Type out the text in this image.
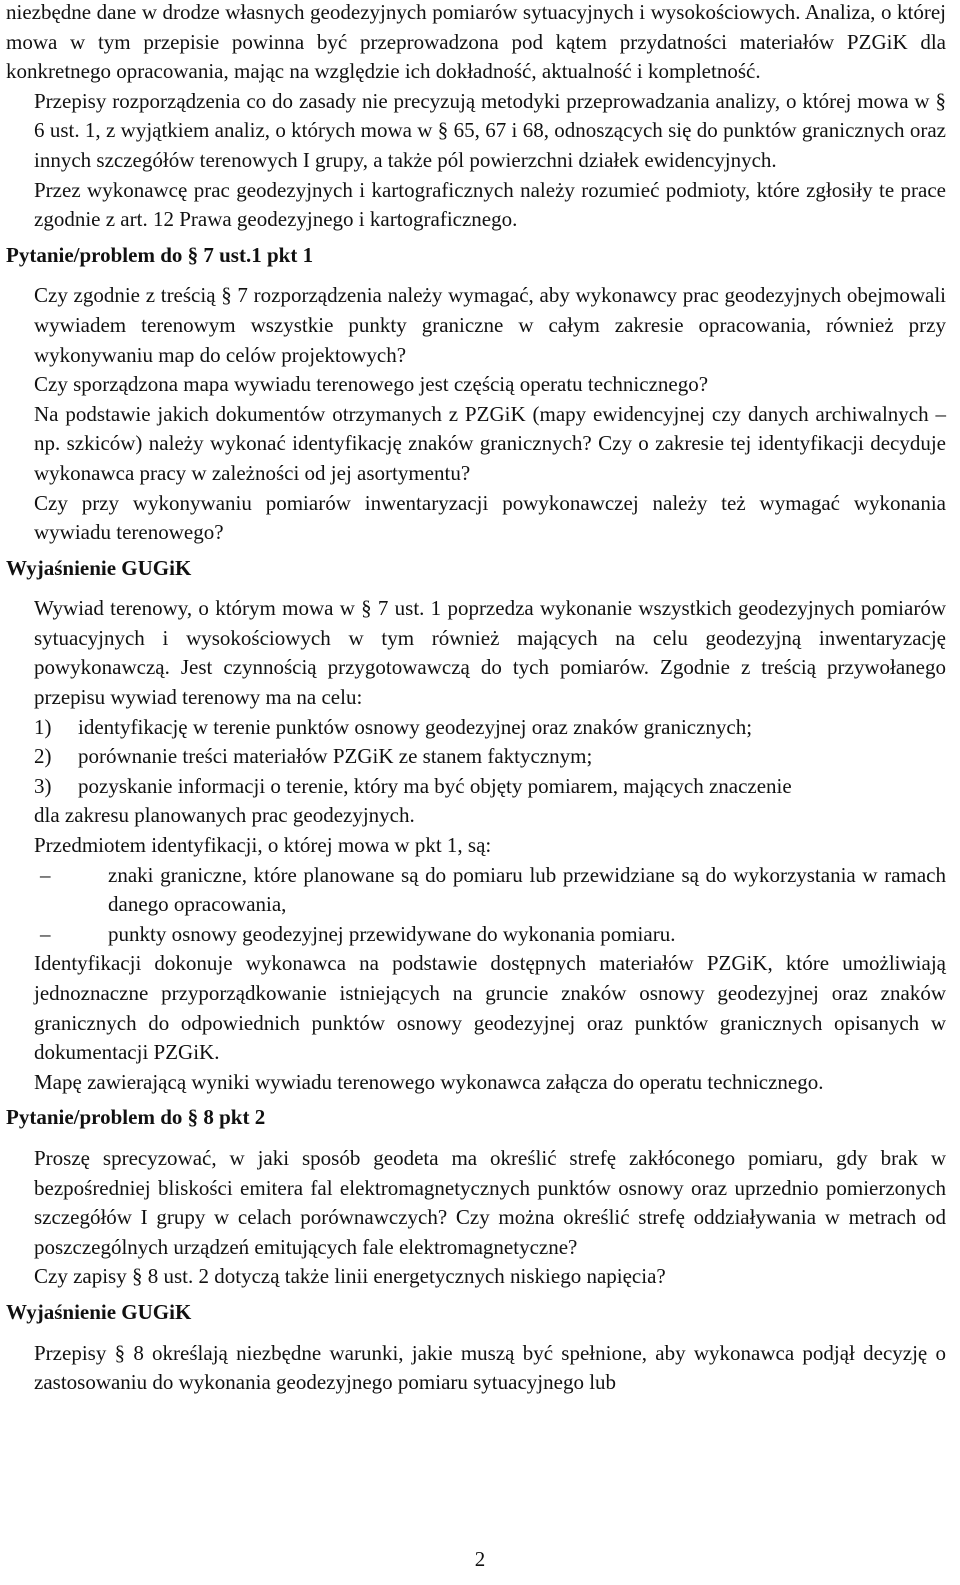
niezbędne dane w drodze własnych geodezyjnych pomiarów sytuacyjnych i wysokościowych. Analiza, o której mowa w tym przepisie powinna być przeprowadzona pod kątem przydatności materiałów PZGiK dla konkretnego opracowania, mając na względzie ich dokładność, aktualność i kompletność.

Przepisy rozporządzenia co do zasady nie precyzują metodyki przeprowadzania analizy, o której mowa w § 6 ust. 1, z wyjątkiem analiz, o których mowa w § 65, 67 i 68, odnoszących się do punktów granicznych oraz innych szczegółów terenowych I grupy, a także pól powierzchni działek ewidencyjnych.

Przez wykonawcę prac geodezyjnych i kartograficznych należy rozumieć podmioty, które zgłosiły te prace zgodnie z art. 12 Prawa geodezyjnego i kartograficznego.

Pytanie/problem do § 7 ust.1 pkt 1

Czy zgodnie z treścią § 7 rozporządzenia należy wymagać, aby wykonawcy prac geodezyjnych obejmowali wywiadem terenowym wszystkie punkty graniczne w całym zakresie opracowania, również przy wykonywaniu map do celów projektowych?

Czy sporządzona mapa wywiadu terenowego jest częścią operatu technicznego?

Na podstawie jakich dokumentów otrzymanych z PZGiK (mapy ewidencyjnej czy danych archiwalnych – np. szkiców) należy wykonać identyfikację znaków granicznych? Czy o zakresie tej identyfikacji decyduje wykonawca pracy w zależności od jej asortymentu?

Czy przy wykonywaniu pomiarów inwentaryzacji powykonawczej należy też wymagać wykonania wywiadu terenowego?

Wyjaśnienie GUGiK

Wywiad terenowy, o którym mowa w § 7 ust. 1 poprzedza wykonanie wszystkich geodezyjnych pomiarów sytuacyjnych i wysokościowych w tym również mających na celu geodezyjną inwentaryzację powykonawczą. Jest czynnością przygotowawczą do tych pomiarów. Zgodnie z treścią przywołanego przepisu wywiad terenowy ma na celu:

1)	identyfikację w terenie punktów osnowy geodezyjnej oraz znaków granicznych;
2)	porównanie treści materiałów PZGiK ze stanem faktycznym;
3)	pozyskanie informacji o terenie, który ma być objęty pomiarem, mających znaczenie

dla zakresu planowanych prac geodezyjnych.

Przedmiotem identyfikacji, o której mowa w pkt 1, są:

–	znaki graniczne, które planowane są do pomiaru lub przewidziane są do wykorzystania w ramach danego opracowania,
–	punkty osnowy geodezyjnej przewidywane do wykonania pomiaru.

Identyfikacji dokonuje wykonawca na podstawie dostępnych materiałów PZGiK, które umożliwiają jednoznaczne przyporządkowanie istniejących na gruncie znaków osnowy geodezyjnej oraz znaków granicznych do odpowiednich punktów osnowy geodezyjnej oraz punktów granicznych opisanych w dokumentacji PZGiK.

Mapę zawierającą wyniki wywiadu terenowego wykonawca załącza do operatu technicznego.

Pytanie/problem do § 8 pkt 2

Proszę sprecyzować, w jaki sposób geodeta ma określić strefę zakłóconego pomiaru, gdy brak w bezpośredniej bliskości emitera fal elektromagnetycznych punktów osnowy oraz uprzednio pomierzonych szczegółów I grupy w celach porównawczych? Czy można określić strefę oddziaływania w metrach od poszczególnych urządzeń emitujących fale elektromagnetyczne?

Czy zapisy § 8 ust. 2 dotyczą także linii energetycznych niskiego napięcia?

Wyjaśnienie GUGiK

Przepisy § 8 określają niezbędne warunki, jakie muszą być spełnione, aby wykonawca podjął decyzję o zastosowaniu do wykonania geodezyjnego pomiaru sytuacyjnego lub

2
